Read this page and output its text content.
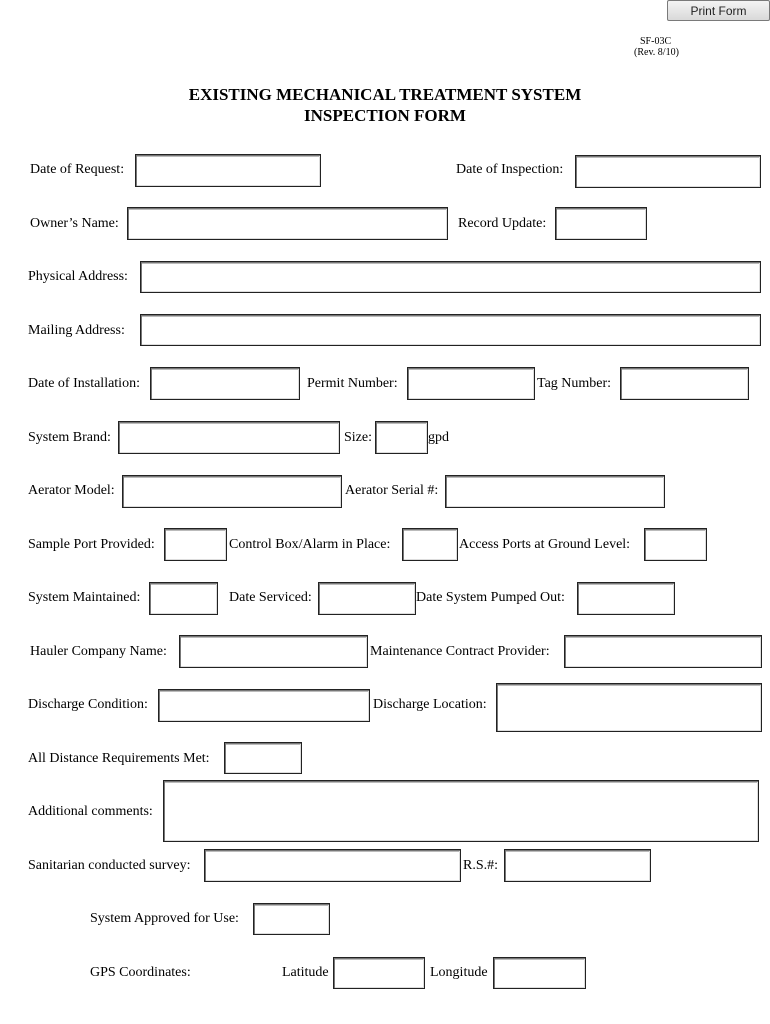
Print Form
SF-03C
(Rev. 8/10)
EXISTING MECHANICAL TREATMENT SYSTEM
INSPECTION FORM
Date of Request:	Date of Inspection:
Owner’s Name:	Record Update:
Physical Address:
Mailing Address:
Date of Installation:	Permit Number:	Tag Number:
System Brand:	Size:	gpd
Aerator Model:	Aerator Serial #:
Sample Port Provided:	Control Box/Alarm in Place:	Access Ports at Ground Level:
System Maintained:	Date Serviced:	Date System Pumped Out:
Hauler Company Name:	Maintenance Contract Provider:
Discharge Condition:	Discharge Location:
All Distance Requirements Met:
Additional comments:
Sanitarian conducted survey:	R.S.#:
System Approved for Use:
GPS Coordinates:	Latitude	Longitude
